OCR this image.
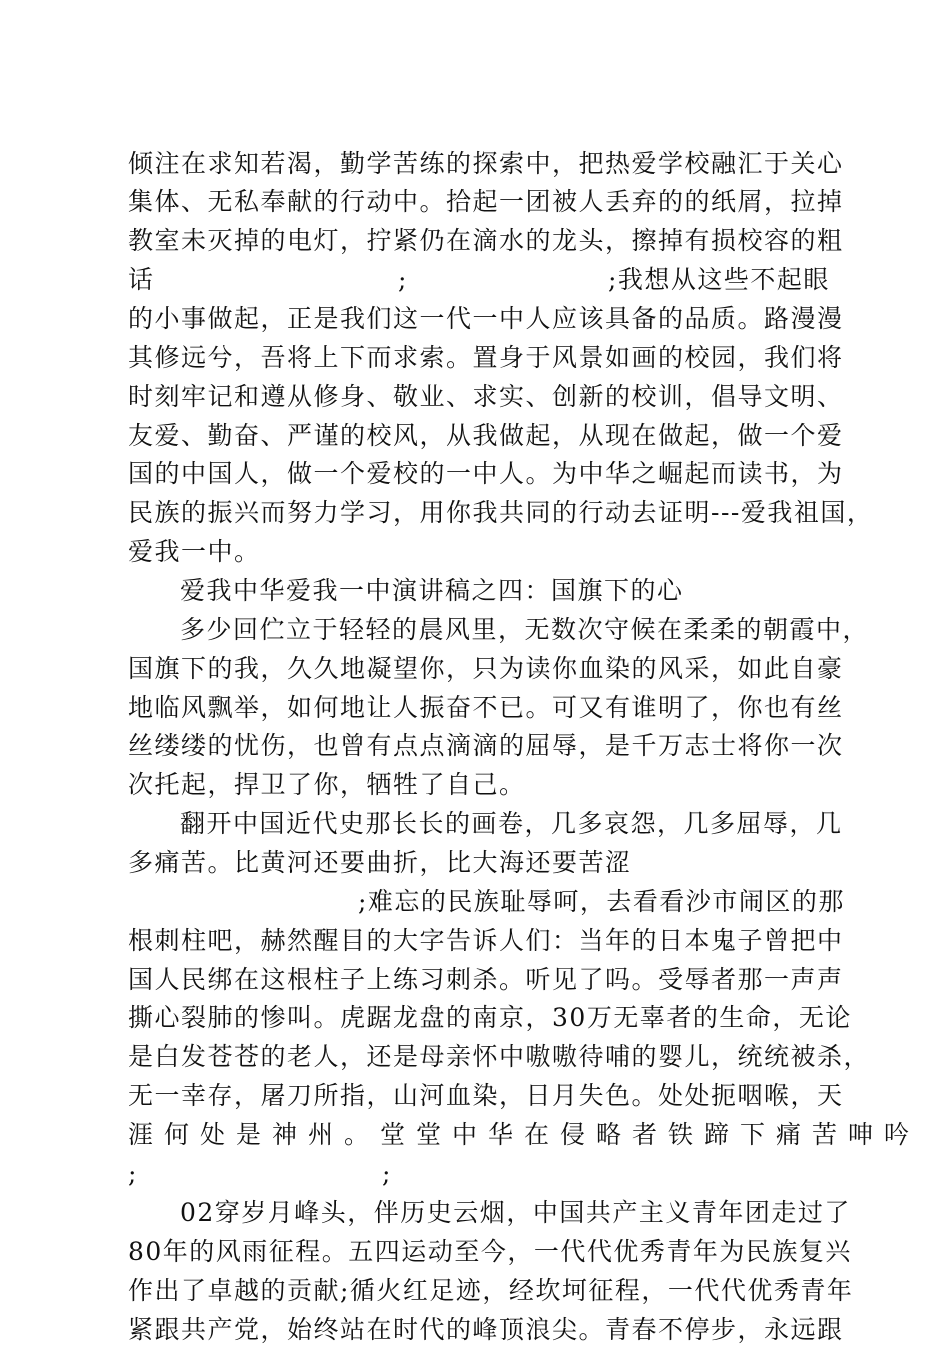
倾注在求知若渴，勤学苦练的探索中，把热爱学校融汇于关心
集体、无私奉献的行动中。拾起一团被人丢弃的的纸屑，拉掉
教室未灭掉的电灯，拧紧仍在滴水的龙头，擦掉有损校容的粗
话	;	;我想从这些不起眼
的小事做起，正是我们这一代一中人应该具备的品质。路漫漫
其修远兮，吾将上下而求索。置身于风景如画的校园，我们将
时刻牢记和遵从修身、敬业、求实、创新的校训，倡导文明、
友爱、勤奋、严谨的校风，从我做起，从现在做起，做一个爱
国的中国人，做一个爱校的一中人。为中华之崛起而读书，为
民族的振兴而努力学习，用你我共同的行动去证明---爱我祖国，
爱我一中。
爱我中华爱我一中演讲稿之四：国旗下的心
多少回伫立于轻轻的晨风里，无数次守候在柔柔的朝霞中，
国旗下的我，久久地凝望你，只为读你血染的风采，如此自豪
地临风飘举，如何地让人振奋不已。可又有谁明了，你也有丝
丝缕缕的忧伤，也曾有点点滴滴的屈辱，是千万志士将你一次
次托起，捍卫了你，牺牲了自己。
翻开中国近代史那长长的画卷，几多哀怨，几多屈辱，几
多痛苦。比黄河还要曲折，比大海还要苦涩
;难忘的民族耻辱呵，去看看沙市闹区的那
根刺柱吧，赫然醒目的大字告诉人们：当年的日本鬼子曾把中
国人民绑在这根柱子上练习刺杀。听见了吗。受辱者那一声声
撕心裂肺的惨叫。虎踞龙盘的南京，30万无辜者的生命，无论
是白发苍苍的老人，还是母亲怀中嗷嗷待哺的婴儿，统统被杀，
无一幸存，屠刀所指，山河血染，日月失色。处处扼咽喉，天
涯何处是神州。堂堂中华在侵略者铁蹄下痛苦呻吟
;	;
02穿岁月峰头，伴历史云烟，中国共产主义青年团走过了
80年的风雨征程。五四运动至今，一代代优秀青年为民族复兴
作出了卓越的贡献;循火红足迹，经坎坷征程，一代代优秀青年
紧跟共产党，始终站在时代的峰顶浪尖。青春不停步，永远跟
